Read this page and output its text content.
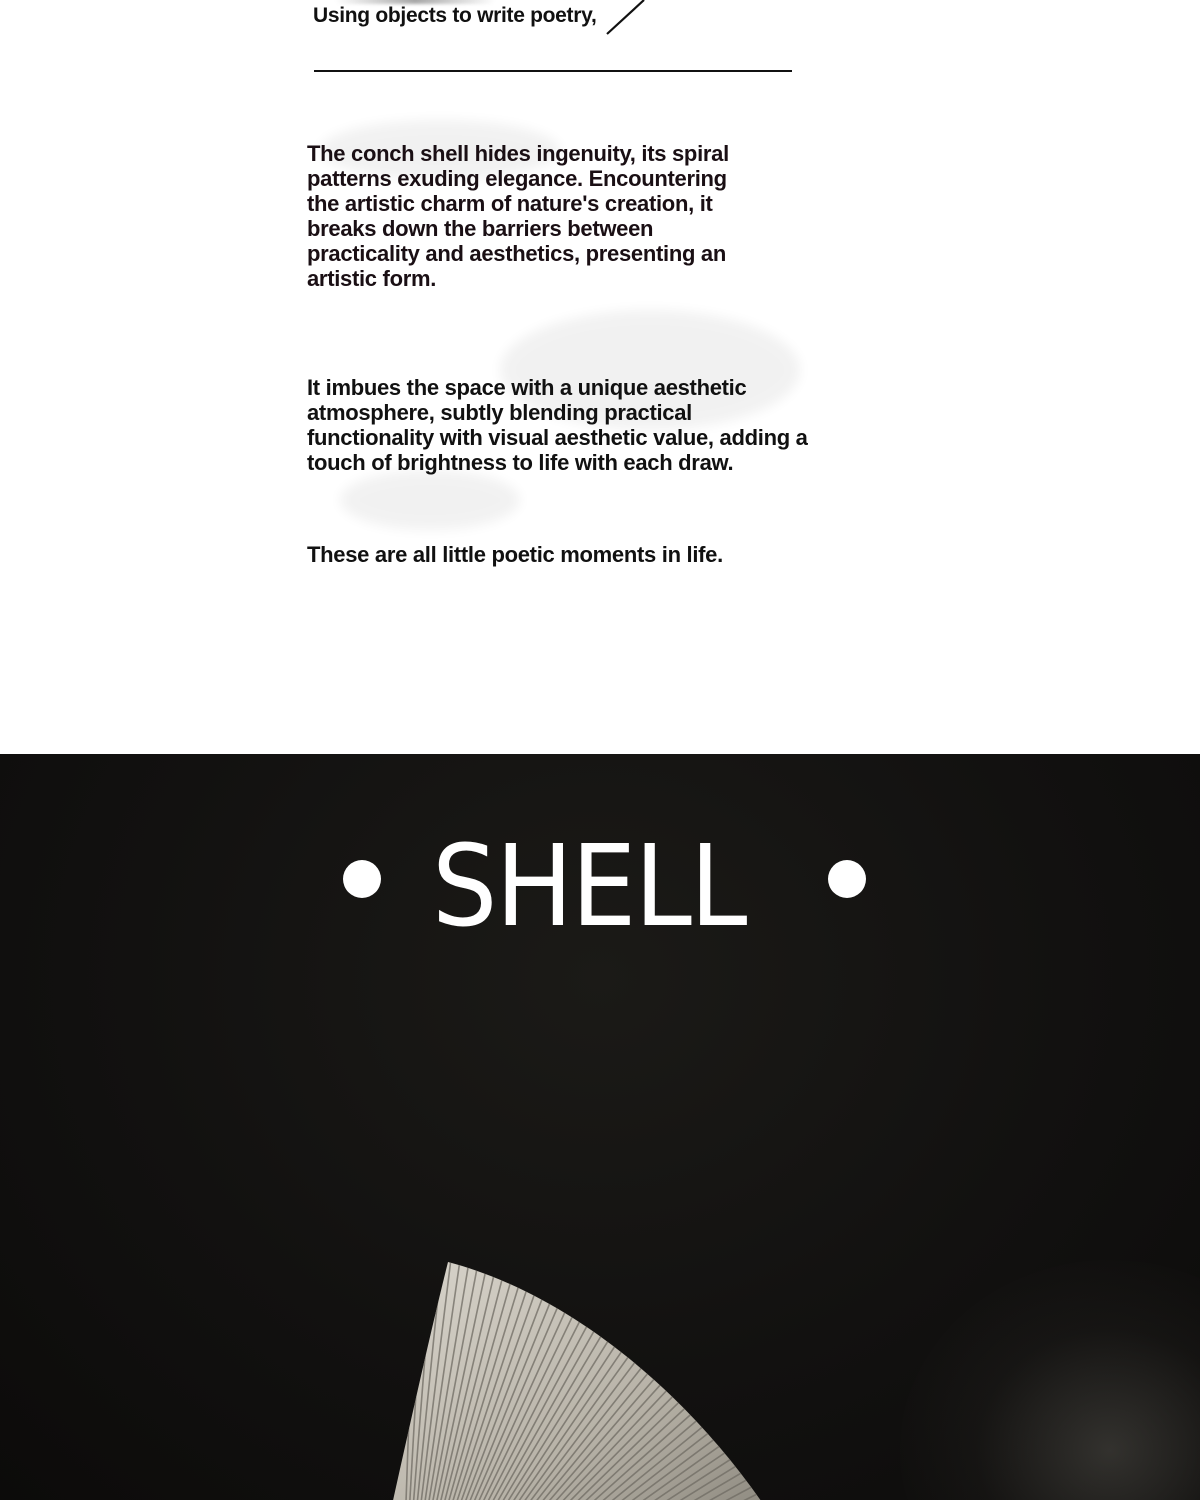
Using objects to write poetry,

The conch shell hides ingenuity, its spiral patterns exuding elegance. Encountering the artistic charm of nature's creation, it breaks down the barriers between practicality and aesthetics, presenting an artistic form.

It imbues the space with a unique aesthetic atmosphere, subtly blending practical functionality with visual aesthetic value, adding a touch of brightness to life with each draw.

These are all little poetic moments in life.

SHELL
